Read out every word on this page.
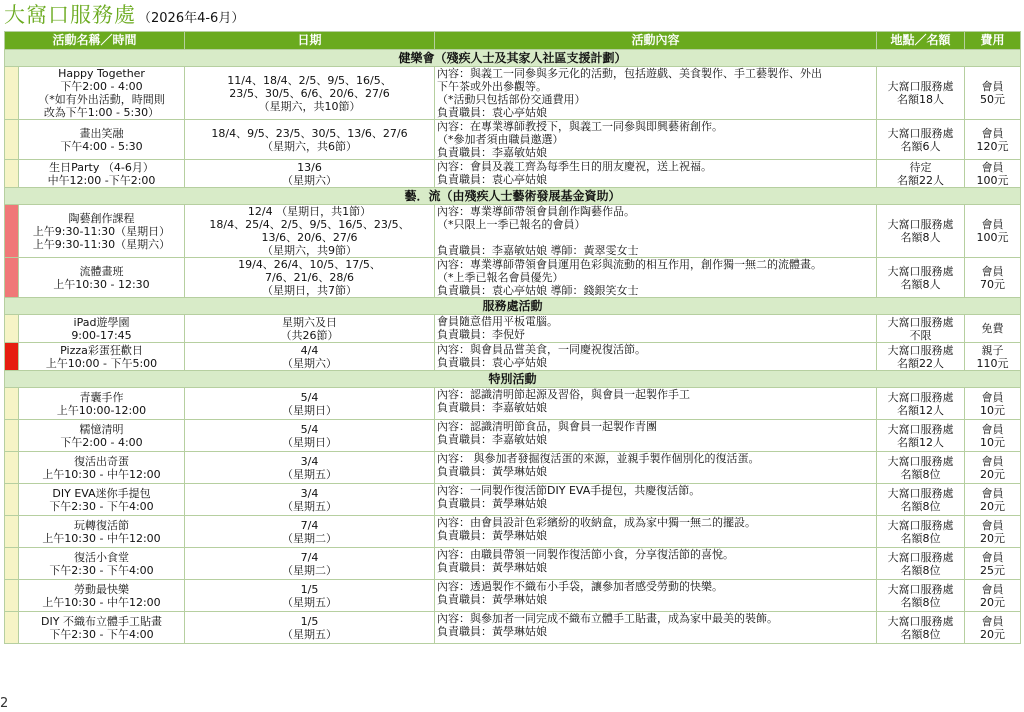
大窩口服務處 （2026年4-6月）
活動名稱／時間		日期	活動內容	地點／名額	費用
健樂會（殘疾人士及其家人社區支援計劃）					
	Happy Together
下午2:00 - 4:00
（*如有外出活動，時間則
改為下午1:00 - 5:30）	11/4、18/4、2/5、9/5、16/5、
23/5、30/5、6/6、20/6、27/6
（星期六，共10節）	內容：與義工一同參與多元化的活動，包括遊戲、美食製作、手工藝製作、外出
下午茶或外出參觀等。
（*活動只包括部份交通費用）
負責職員：袁心亭姑娘	大窩口服務處
名額18人	會員
50元
	畫出笑融
下午4:00 - 5:30	18/4、9/5、23/5、30/5、13/6、27/6
（星期六，共6節）	內容：在專業導師教授下，與義工一同參與即興藝術創作。
（*參加者須由職員邀選）
負責職員：李嘉敏姑娘	大窩口服務處
名額6人	會員
120元
	生日Party （4-6月）
中午12:00 -下午2:00	13/6
（星期六）	內容：會員及義工齊為每季生日的朋友慶祝，送上祝福。
負責職員：袁心亭姑娘	待定
名額22人	會員
100元
藝．流（由殘疾人士藝術發展基金資助）					
	陶藝創作課程
上午9:30-11:30（星期日）
上午9:30-11:30（星期六）	12/4 （星期日，共1節）
18/4、25/4、2/5、9/5、16/5、23/5、
13/6、20/6、27/6
（星期六，共9節）	內容：專業導師帶領會員創作陶藝作品。
（*只限上一季已報名的會員）

負責職員：李嘉敏姑娘 導師：黃翠雯女士	大窩口服務處
名額8人	會員
100元
	流體畫班
上午10:30 - 12:30	19/4、26/4、10/5、17/5、
7/6、21/6、28/6
（星期日，共7節）	內容：專業導師帶領會員運用色彩與流動的相互作用，創作獨一無二的流體畫。
（*上季已報名會員優先）
負責職員：袁心亭姑娘 導師：錢銀笑女士	大窩口服務處
名額8人	會員
70元
服務處活動					
	iPad遊學園
9:00-17:45	星期六及日
（共26節）	會員隨意借用平板電腦。
負責職員：李倪妤	大窩口服務處
不限	免費
	Pizza彩蛋狂歡日
上午10:00 - 下午5:00	4/4
（星期六）	內容：與會員品嘗美食，一同慶祝復活節。
負責職員：袁心亭姑娘	大窩口服務處
名額22人	親子
110元
特別活動					
	青囊手作
上午10:00-12:00	5/4
（星期日）	內容：認識清明節起源及習俗，與會員一起製作手工
負責職員：李嘉敏姑娘	大窩口服務處
名額12人	會員
10元
	糯憶清明
下午2:00 - 4:00	5/4
（星期日）	內容：認識清明節食品，與會員一起製作青團
負責職員：李嘉敏姑娘	大窩口服務處
名額12人	會員
10元
	復活出奇蛋
上午10:30 - 中午12:00	3/4
（星期五）	內容： 與參加者發掘復活蛋的來源，並親手製作個別化的復活蛋。
負責職員：黃學琳姑娘	大窩口服務處
名額8位	會員
20元
	DIY EVA迷你手提包
下午2:30 - 下午4:00	3/4
（星期五）	內容：一同製作復活節DIY EVA手提包，共慶復活節。
負責職員：黃學琳姑娘	大窩口服務處
名額8位	會員
20元
	玩轉復活節
上午10:30 - 中午12:00	7/4
（星期二）	內容：由會員設計色彩繽紛的收納盒，成為家中獨一無二的擺設。
負責職員：黃學琳姑娘	大窩口服務處
名額8位	會員
20元
	復活小食堂
下午2:30 - 下午4:00	7/4
（星期二）	內容：由職員帶領一同製作復活節小食，分享復活節的喜悅。
負責職員：黃學琳姑娘	大窩口服務處
名額8位	會員
25元
	勞動最快樂
上午10:30 - 中午12:00	1/5
（星期五）	內容：透過製作不織布小手袋，讓參加者感受勞動的快樂。
負責職員：黃學琳姑娘	大窩口服務處
名額8位	會員
20元
	DIY 不織布立體手工貼畫
下午2:30 - 下午4:00	1/5
（星期五）	內容：與參加者一同完成不織布立體手工貼畫，成為家中最美的裝飾。
負責職員：黃學琳姑娘	大窩口服務處
名額8位	會員
20元
2
